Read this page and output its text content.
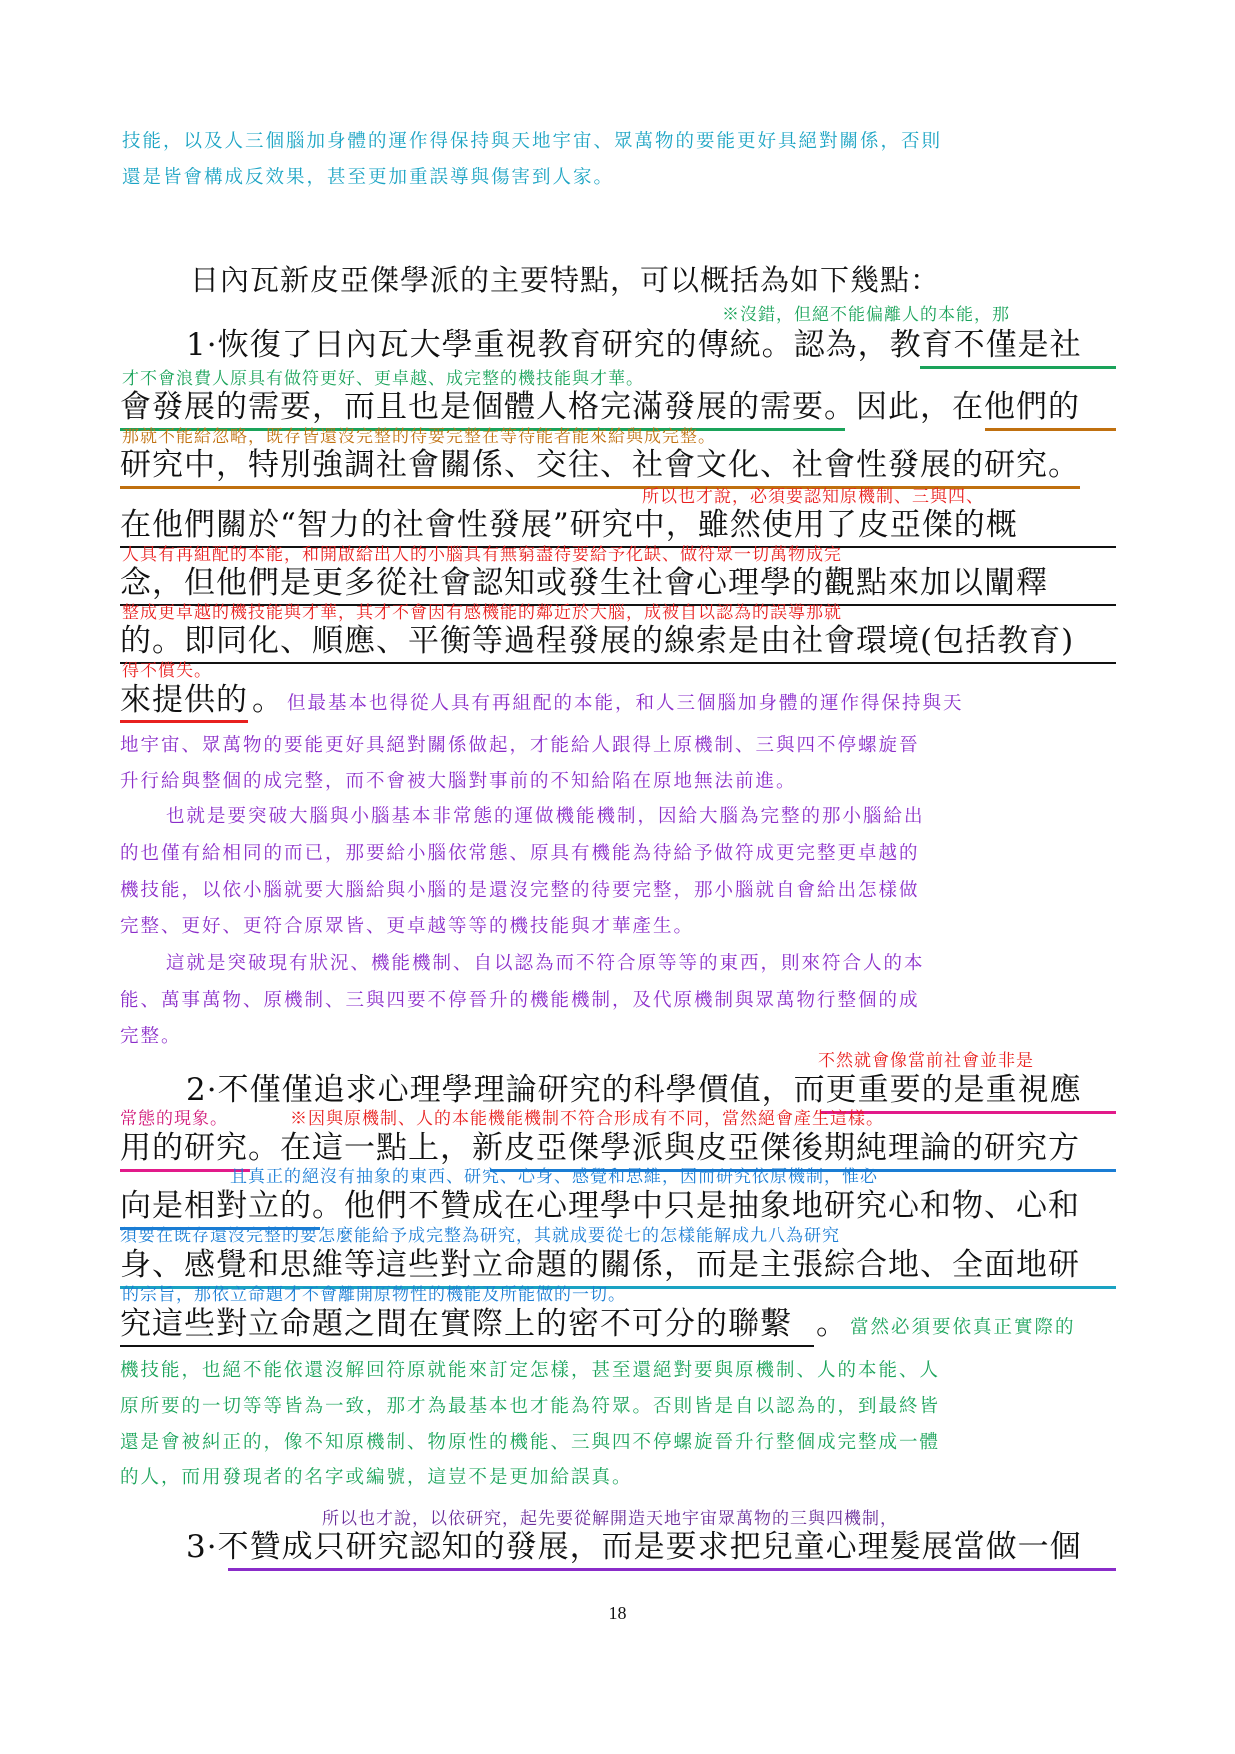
技能，以及人三個腦加身體的運作得保持與天地宇宙、眾萬物的要能更好具絕對關係，否則
還是皆會構成反效果，甚至更加重誤導與傷害到人家。
日內瓦新皮亞傑學派的主要特點，可以概括為如下幾點：
※沒錯，但絕不能偏離人的本能，那
1·恢復了日內瓦大學重視教育研究的傳統。認為，教育不僅是社
才不會浪費人原具有做符更好、更卓越、成完整的機技能與才華。
會發展的需要，而且也是個體人格完滿發展的需要。因此，在他們的
那就不能給忽略，既存皆還沒完整的待要完整在等待能者能來給與成完整。
研究中，特別強調社會關係、交往、社會文化、社會性發展的研究。
所以也才說，必須要認知原機制、三與四、
在他們關於“智力的社會性發展”研究中，雖然使用了皮亞傑的概
人具有再組配的本能，和開啟給出人的小腦具有無窮盡待要給予化缺、做符眾一切萬物成完
念，但他們是更多從社會認知或發生社會心理學的觀點來加以闡釋
整成更卓越的機技能與才華，其才不會因有感機能的鄰近於大腦，成被自以認為的誤導那就
的。即同化、順應、平衡等過程發展的線索是由社會環境(包括教育)
得不償失。
來提供的 。 但最基本也得從人具有再組配的本能，和人三個腦加身體的運作得保持與天
地宇宙、眾萬物的要能更好具絕對關係做起，才能給人跟得上原機制、三與四不停螺旋晉
升行給與整個的成完整，而不會被大腦對事前的不知給陷在原地無法前進。
也就是要突破大腦與小腦基本非常態的運做機能機制，因給大腦為完整的那小腦給出
的也僅有給相同的而已，那要給小腦依常態、原具有機能為待給予做符成更完整更卓越的
機技能，以依小腦就要大腦給與小腦的是還沒完整的待要完整，那小腦就自會給出怎樣做
完整、更好、更符合原眾皆、更卓越等等的機技能與才華產生。
這就是突破現有狀況、機能機制、自以認為而不符合原等等的東西，則來符合人的本
能、萬事萬物、原機制、三與四要不停晉升的機能機制，及代原機制與眾萬物行整個的成
完整。
不然就會像當前社會並非是
2·不僅僅追求心理學理論研究的科學價值，而更重要的是重視應
常態的現象。	※因與原機制、人的本能機能機制不符合形成有不同，當然絕會產生這樣。
用的研究。在這一點上，新皮亞傑學派與皮亞傑後期純理論的研究方
且真正的絕沒有抽象的東西、研究、心身、感覺和思維，因而研究依原機制，惟必
向是相對立的。他們不贊成在心理學中只是抽象地研究心和物、心和
須要在既存還沒完整的要怎麼能給予成完整為研究，其就成要從七的怎樣能解成九八為研究
身、感覺和思維等這些對立命題的關係，而是主張綜合地、全面地研
的宗旨，那依立命題才不會離開原物性的機能及所能做的一切。
究這些對立命題之間在實際上的密不可分的聯繫 。 當然必須要依真正實際的
機技能，也絕不能依還沒解回符原就能來訂定怎樣，甚至還絕對要與原機制、人的本能、人
原所要的一切等等皆為一致，那才為最基本也才能為符眾。否則皆是自以認為的，到最終皆
還是會被糾正的，像不知原機制、物原性的機能、三與四不停螺旋晉升行整個成完整成一體
的人，而用發現者的名字或編號，這豈不是更加給誤真。
所以也才說，以依研究，起先要從解開造天地宇宙眾萬物的三與四機制，
3·不贊成只研究認知的發展，而是要求把兒童心理髮展當做一個
18
